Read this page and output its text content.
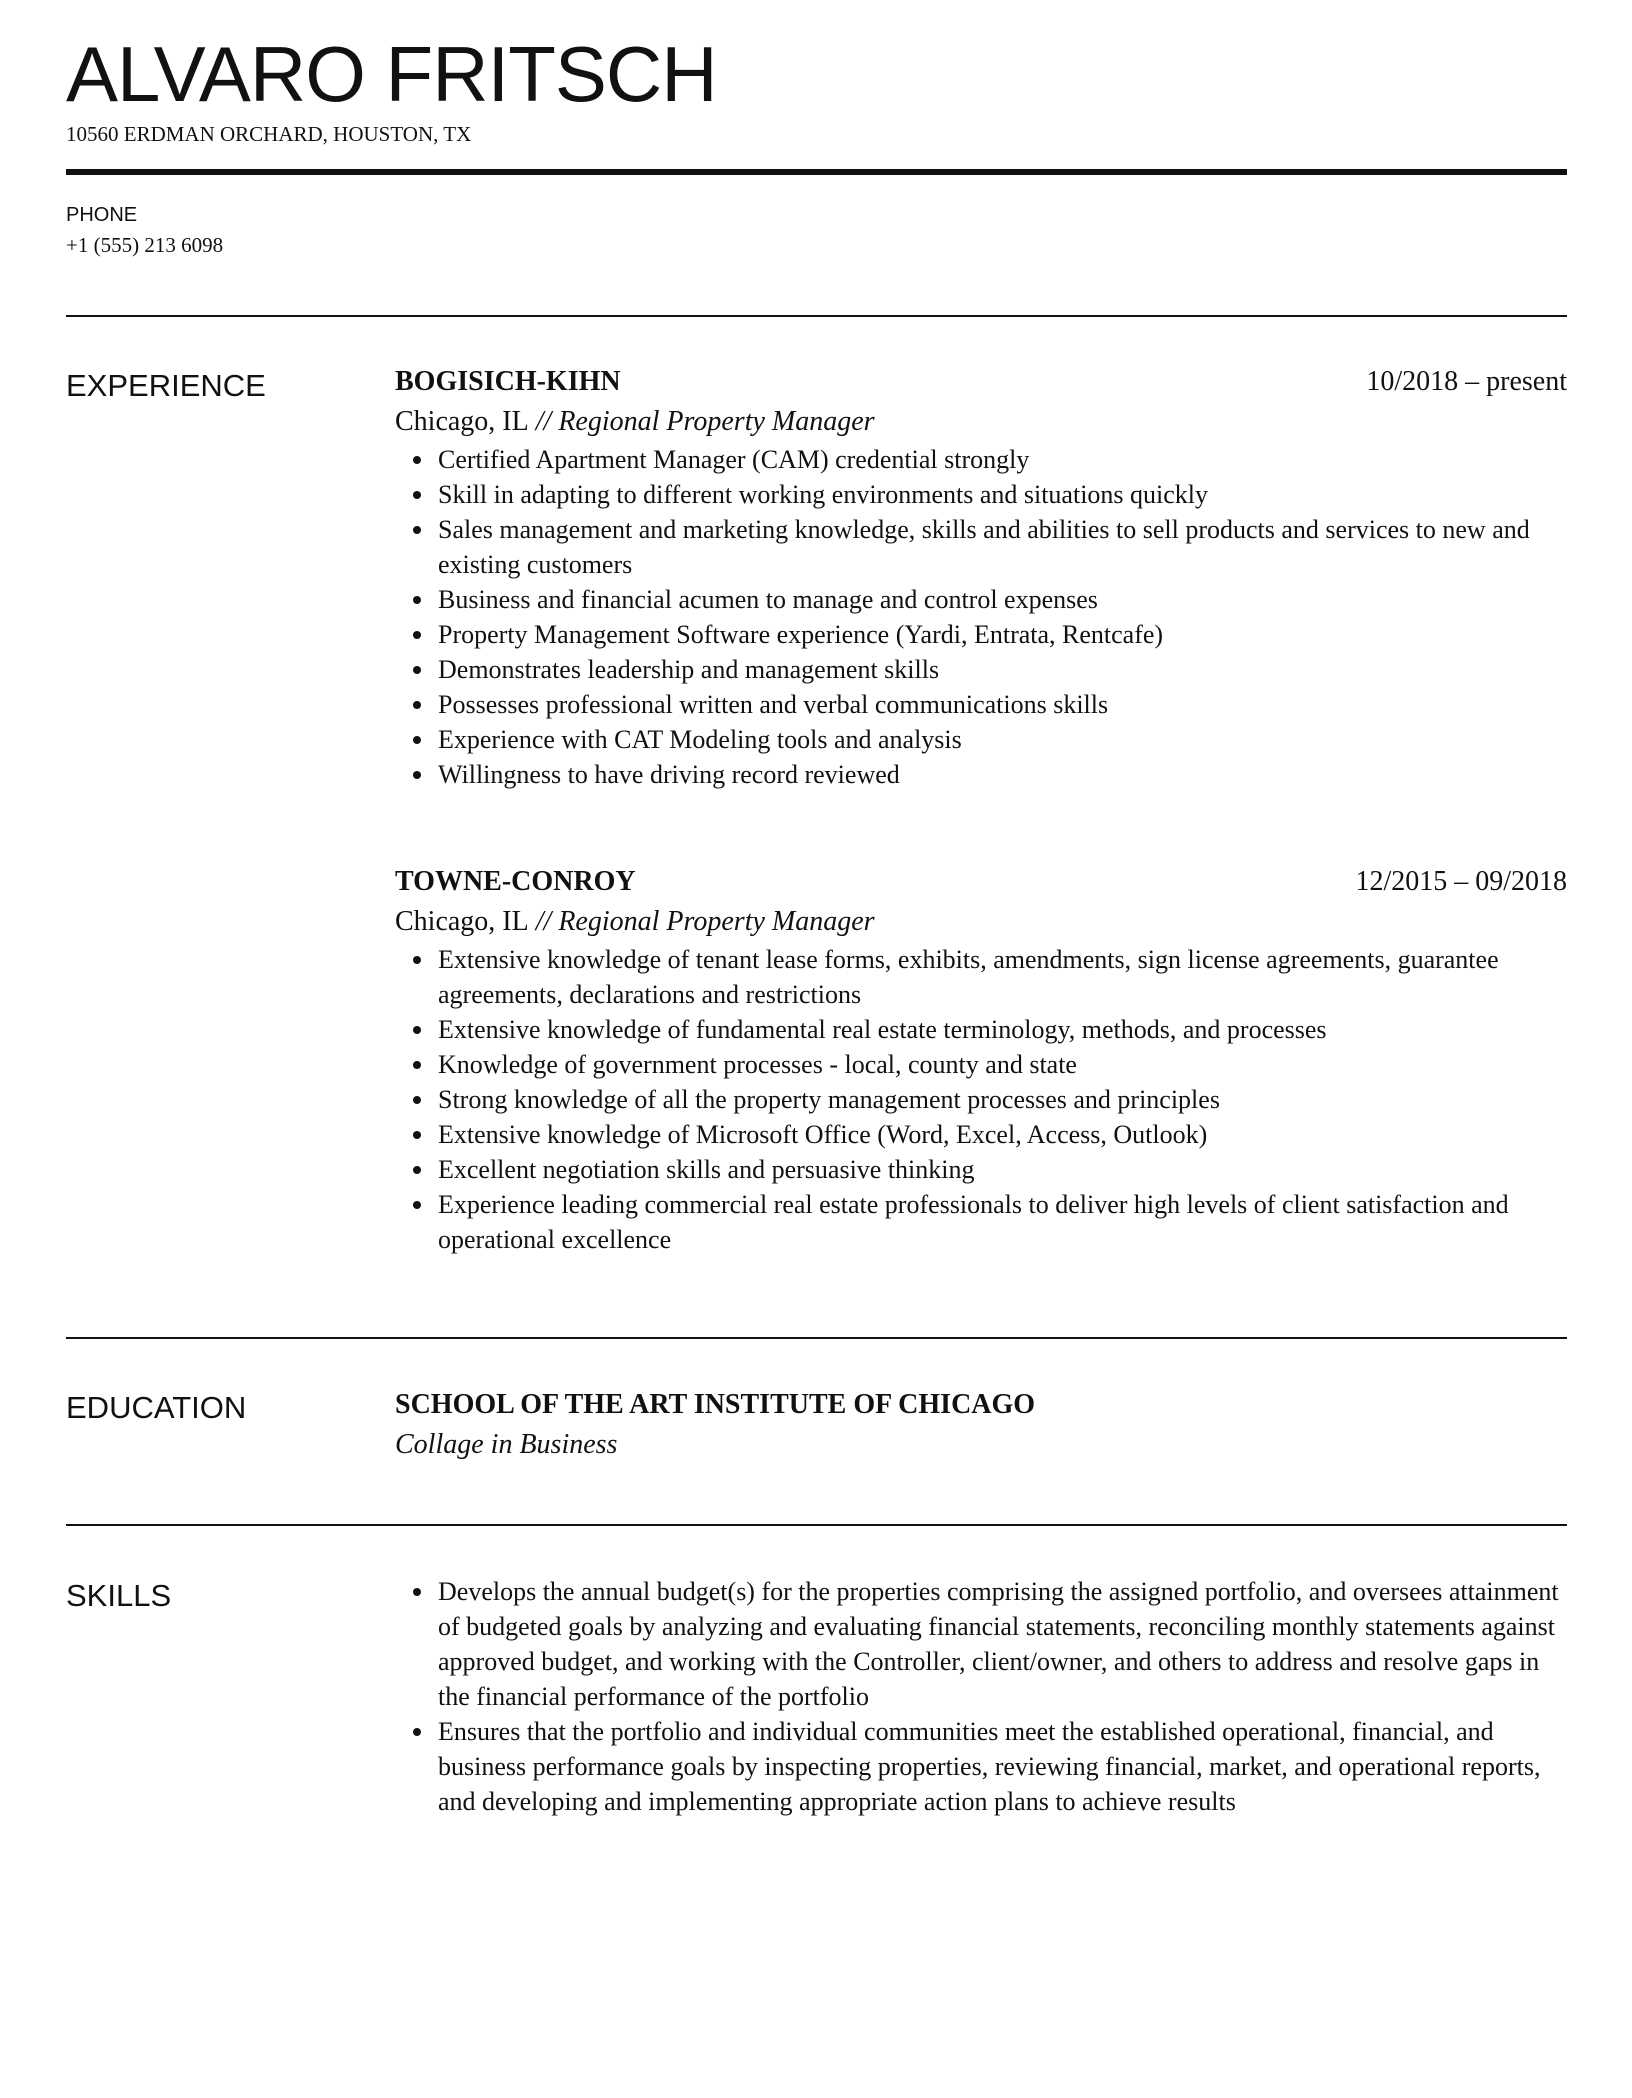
ALVARO FRITSCH
10560 ERDMAN ORCHARD, HOUSTON, TX
PHONE
+1 (555) 213 6098
EXPERIENCE	BOGISICH-KIHN	10/2018 – present
Chicago, IL // Regional Property Manager
Certified Apartment Manager (CAM) credential strongly
Skill in adapting to different working environments and situations quickly
Sales management and marketing knowledge, skills and abilities to sell products and services to new and existing customers
Business and financial acumen to manage and control expenses
Property Management Software experience (Yardi, Entrata, Rentcafe)
Demonstrates leadership and management skills
Possesses professional written and verbal communications skills
Experience with CAT Modeling tools and analysis
Willingness to have driving record reviewed
TOWNE-CONROY	12/2015 – 09/2018
Chicago, IL // Regional Property Manager
Extensive knowledge of tenant lease forms, exhibits, amendments, sign license agreements, guarantee agreements, declarations and restrictions
Extensive knowledge of fundamental real estate terminology, methods, and processes
Knowledge of government processes - local, county and state
Strong knowledge of all the property management processes and principles
Extensive knowledge of Microsoft Office (Word, Excel, Access, Outlook)
Excellent negotiation skills and persuasive thinking
Experience leading commercial real estate professionals to deliver high levels of client satisfaction and operational excellence
EDUCATION	SCHOOL OF THE ART INSTITUTE OF CHICAGO
Collage in Business
SKILLS	Develops the annual budget(s) for the properties comprising the assigned portfolio, and oversees attainment of budgeted goals by analyzing and evaluating financial statements, reconciling monthly statements against approved budget, and working with the Controller, client/owner, and others to address and resolve gaps in the financial performance of the portfolio
Ensures that the portfolio and individual communities meet the established operational, financial, and business performance goals by inspecting properties, reviewing financial, market, and operational reports, and developing and implementing appropriate action plans to achieve results
